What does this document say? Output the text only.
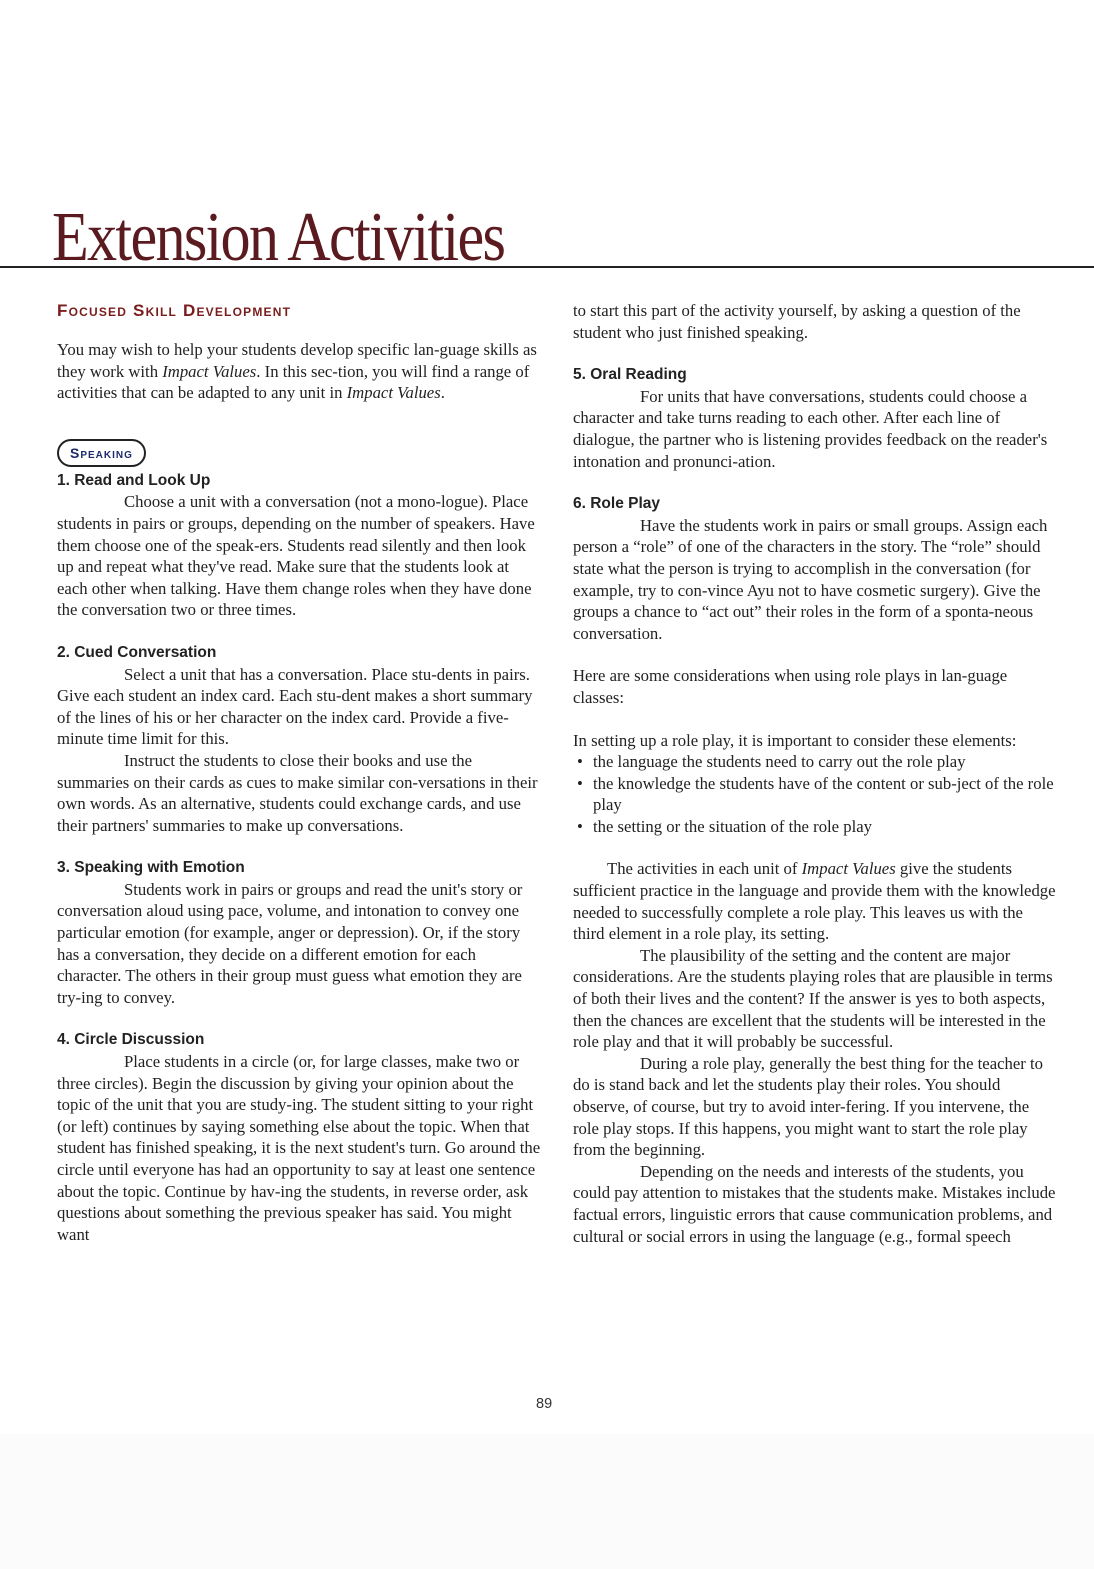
Extension Activities
Focused Skill Development

You may wish to help your students develop specific lan-guage skills as they work with Impact Values. In this sec-tion, you will find a range of activities that can be adapted to any unit in Impact Values.

Speaking
1. Read and Look Up

Choose a unit with a conversation (not a mono-logue). Place students in pairs or groups, depending on the number of speakers. Have them choose one of the speak-ers. Students read silently and then look up and repeat what they've read. Make sure that the students look at each other when talking. Have them change roles when they have done the conversation two or three times.

2. Cued Conversation

Select a unit that has a conversation. Place stu-dents in pairs. Give each student an index card. Each stu-dent makes a short summary of the lines of his or her character on the index card. Provide a five-minute time limit for this.

Instruct the students to close their books and use the summaries on their cards as cues to make similar con-versations in their own words. As an alternative, students could exchange cards, and use their partners' summaries to make up conversations.

3. Speaking with Emotion

Students work in pairs or groups and read the unit's story or conversation aloud using pace, volume, and intonation to convey one particular emotion (for example, anger or depression). Or, if the story has a conversation, they decide on a different emotion for each character. The others in their group must guess what emotion they are try-ing to convey.

4. Circle Discussion

Place students in a circle (or, for large classes, make two or three circles). Begin the discussion by giving your opinion about the topic of the unit that you are study-ing. The student sitting to your right (or left) continues by saying something else about the topic. When that student has finished speaking, it is the next student's turn. Go around the circle until everyone has had an opportunity to say at least one sentence about the topic. Continue by hav-ing the students, in reverse order, ask questions about something the previous speaker has said. You might want

to start this part of the activity yourself, by asking a question of the student who just finished speaking.

5. Oral Reading

For units that have conversations, students could choose a character and take turns reading to each other. After each line of dialogue, the partner who is listening provides feedback on the reader's intonation and pronunci-ation.

6. Role Play

Have the students work in pairs or small groups. Assign each person a “role” of one of the characters in the story. The “role” should state what the person is trying to accomplish in the conversation (for example, try to con-vince Ayu not to have cosmetic surgery). Give the groups a chance to “act out” their roles in the form of a sponta-neous conversation.

Here are some considerations when using role plays in lan-guage classes:

In setting up a role play, it is important to consider these elements:

• the language the students need to carry out the role play
• the knowledge the students have of the content or sub-ject of the role play
• the setting or the situation of the role play

The activities in each unit of Impact Values give the students sufficient practice in the language and provide them with the knowledge needed to successfully complete a role play. This leaves us with the third element in a role play, its setting.

The plausibility of the setting and the content are major considerations. Are the students playing roles that are plausible in terms of both their lives and the content? If the answer is yes to both aspects, then the chances are excellent that the students will be interested in the role play and that it will probably be successful.

During a role play, generally the best thing for the teacher to do is stand back and let the students play their roles. You should observe, of course, but try to avoid inter-fering. If you intervene, the role play stops. If this happens, you might want to start the role play from the beginning.

Depending on the needs and interests of the students, you could pay attention to mistakes that the students make. Mistakes include factual errors, linguistic errors that cause communication problems, and cultural or social errors in using the language (e.g., formal speech

89
